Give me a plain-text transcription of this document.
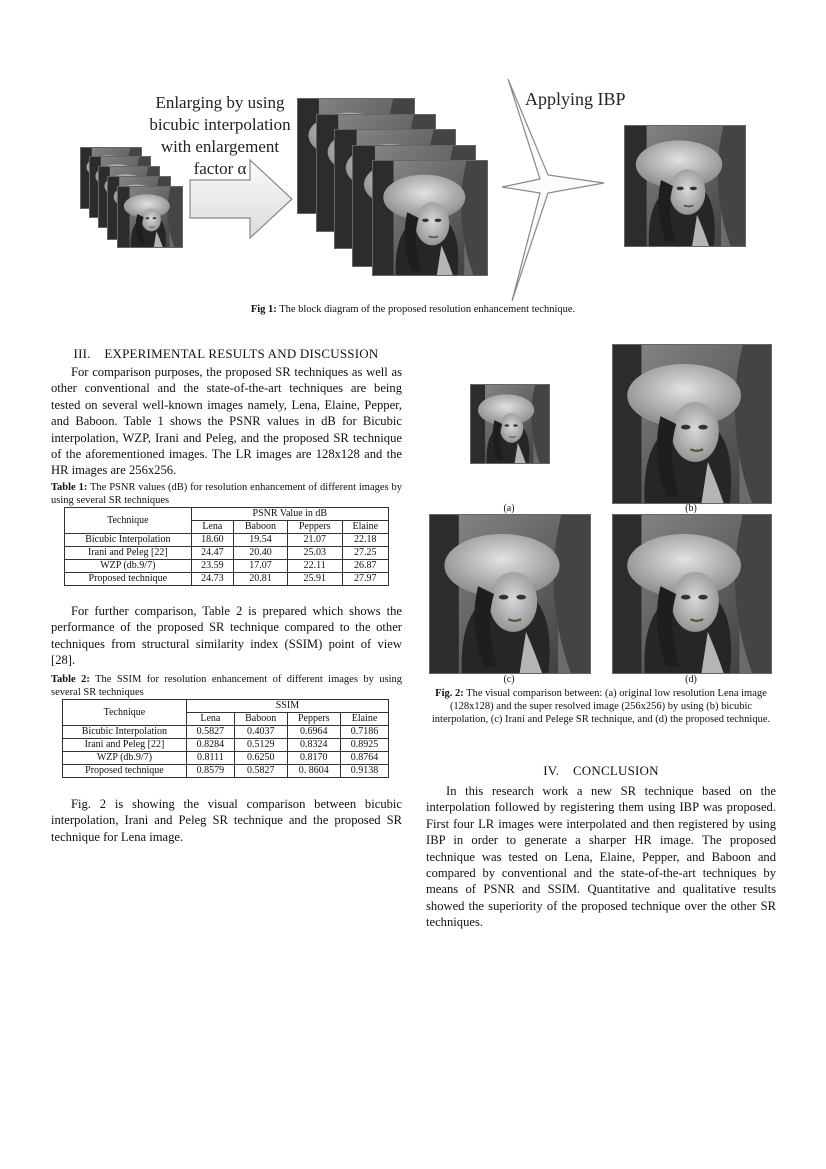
Enlarging by using
bicubic interpolation
with enlargement
factor α
Applying IBP
Fig 1: The block diagram of the proposed resolution enhancement technique.
III.    EXPERIMENTAL RESULTS AND DISCUSSION

For comparison purposes, the proposed SR techniques as well as other conventional and the state-of-the-art techniques are being tested on several well-known images namely, Lena, Elaine, Pepper, and Baboon. Table 1 shows the PSNR values in dB for Bicubic interpolation, WZP, Irani and Peleg, and the proposed SR technique of the aforementioned images. The LR images are 128x128 and the HR images are 256x256.

Table 1: The PSNR values (dB) for resolution enhancement of different images by using several SR techniques
Technique	PSNR Value in dB			
	Lena	Baboon	Peppers	Elaine
Bicubic Interpolation	18.60	19.54	21.07	22.18
Irani and Peleg [22]	24.47	20.40	25.03	27.25
WZP (db.9/7)	23.59	17.07	22.11	26.87
Proposed technique	24.73	20.81	25.91	27.97

For further comparison, Table 2 is prepared which shows the performance of the proposed SR technique compared to the other techniques from structural similarity index (SSIM) point of view [28].

Table 2: The SSIM for resolution enhancement of different images by using several SR techniques
Technique	SSIM			
	Lena	Baboon	Peppers	Elaine
Bicubic Interpolation	0.5827	0.4037	0.6964	0.7186
Irani and Peleg [22]	0.8284	0.5129	0.8324	0.8925
WZP (db.9/7)	0.8111	0.6250	0.8170	0.8764
Proposed technique	0.8579	0.5827	0. 8604	0.9138

Fig. 2 is showing the visual comparison between bicubic interpolation, Irani and Peleg SR technique and the proposed SR technique for Lena image.

(a)	(b)
(c)	(d)
Fig. 2: The visual comparison between: (a) original low resolution Lena image (128x128) and the super resolved image (256x256) by using (b) bicubic interpolation, (c) Irani and Pelege SR technique, and (d) the proposed technique.
IV.    CONCLUSION

In this research work a new SR technique based on the interpolation followed by registering them using IBP was proposed. First four LR images were interpolated and then registered by using IBP in order to generate a sharper HR image. The proposed technique was tested on Lena, Elaine, Pepper, and Baboon and compared by conventional and the state-of-the-art techniques by means of PSNR and SSIM. Quantitative and qualitative results showed the superiority of the proposed technique over the other SR techniques.
